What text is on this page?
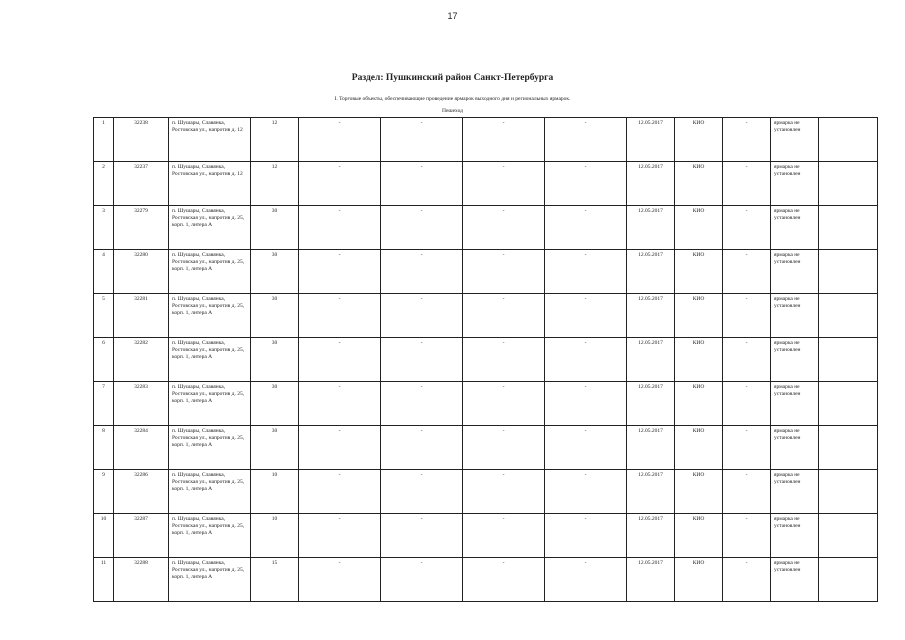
17
Раздел: Пушкинский район Санкт-Петербурга
I. Торговые объекты, обеспечивающие проведение ярмарок выходного дня и региональных ярмарок.
Пешеход
1	32238	п. Шушары, Славянка, Ростовская ул., напротив д. 12	12	-	-	-	-	12.05.2017	КИО	-	ярмарка не установлен	
2	32237	п. Шушары, Славянка, Ростовская ул., напротив д. 12	12	-	-	-	-	12.05.2017	КИО	-	ярмарка не установлен	
3	32279	п. Шушары, Славянка, Ростовская ул., напротив д. 25, корп. 1, литера А	30	-	-	-	-	12.05.2017	КИО	-	ярмарка не установлен	
4	32280	п. Шушары, Славянка, Ростовская ул., напротив д. 25, корп. 1, литера А	30	-	-	-	-	12.05.2017	КИО	-	ярмарка не установлен	
5	32281	п. Шушары, Славянка, Ростовская ул., напротив д. 25, корп. 1, литера А	30	-	-	-	-	12.05.2017	КИО	-	ярмарка не установлен	
6	32282	п. Шушары, Славянка, Ростовская ул., напротив д. 25, корп. 1, литера А	30	-	-	-	-	12.05.2017	КИО	-	ярмарка не установлен	
7	32283	п. Шушары, Славянка, Ростовская ул., напротив д. 25, корп. 1, литера А	30	-	-	-	-	12.05.2017	КИО	-	ярмарка не установлен	
8	32284	п. Шушары, Славянка, Ростовская ул., напротив д. 25, корп. 1, литера А	30	-	-	-	-	12.05.2017	КИО	-	ярмарка не установлен	
9	32286	п. Шушары, Славянка, Ростовская ул., напротив д. 25, корп. 1, литера А	10	-	-	-	-	12.05.2017	КИО	-	ярмарка не установлен	
10	32287	п. Шушары, Славянка, Ростовская ул., напротив д. 25, корп. 1, литера А	10	-	-	-	-	12.05.2017	КИО	-	ярмарка не установлен	
11	32288	п. Шушары, Славянка, Ростовская ул., напротив д. 25, корп. 1, литера А	15	-	-	-	-	12.05.2017	КИО	-	ярмарка не установлен	
